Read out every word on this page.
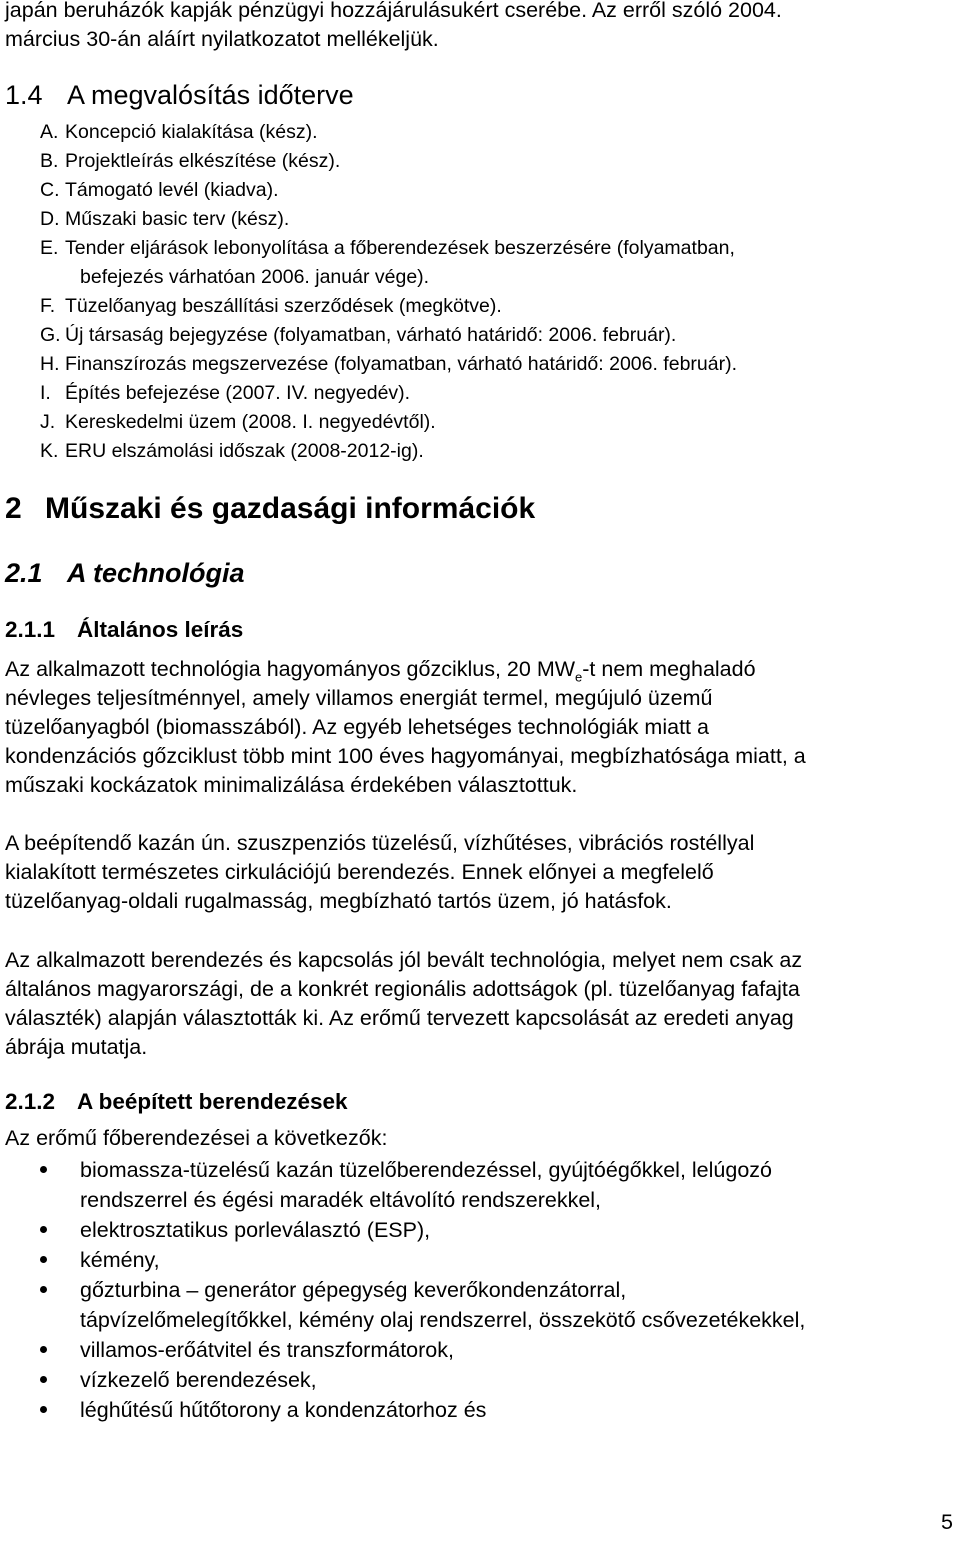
japán beruházók kapják pénzügyi hozzájárulásukért cserébe. Az erről szóló 2004.

március 30-án aláírt nyilatkozatot mellékeljük.

1.4 A megvalósítás időterve

A. Koncepció kialakítása (kész).

B. Projektleírás elkészítése (kész).

C. Támogató levél (kiadva).

D. Műszaki basic terv (kész).

E. Tender eljárások lebonyolítása a főberendezések beszerzésére (folyamatban,

befejezés várhatóan 2006. január vége).

F. Tüzelőanyag beszállítási szerződések (megkötve).

G. Új társaság bejegyzése (folyamatban, várható határidő: 2006. február).

H. Finanszírozás megszervezése (folyamatban, várható határidő: 2006. február).

I. Építés befejezése (2007. IV. negyedév).

J. Kereskedelmi üzem (2008. I. negyedévtől).

K. ERU elszámolási időszak (2008-2012-ig).

2 Műszaki és gazdasági információk
2.1 A technológia
2.1.1 Általános leírás

Az alkalmazott technológia hagyományos gőzciklus, 20 $MW_e-t$ nem meghaladó

névleges teljesítménnyel, amely villamos energiát termel, megújuló üzemű

tüzelőanyagból (biomasszából). Az egyéb lehetséges technológiák miatt a

kondenzációs gőzciklust több mint 100 éves hagyományai, megbízhatósága miatt, a

műszaki kockázatok minimalizálása érdekében választottuk.

A beépítendő kazán ún. szuszpenziós tüzelésű, vízhűtéses, vibrációs rostéllyal

kialakított természetes cirkulációjú berendezés. Ennek előnyei a megfelelő

tüzelőanyag-oldali rugalmasság, megbízható tartós üzem, jó hatásfok.

Az alkalmazott berendezés és kapcsolás jól bevált technológia, melyet nem csak az

általános magyarországi, de a konkrét regionális adottságok (pl. tüzelőanyag fafajta

választék) alapján választották ki. Az erőmű tervezett kapcsolását az eredeti anyag

ábrája mutatja.

2.1.2 A beépített berendezések

Az erőmű főberendezései a következők:

biomassza-tüzelésű kazán tüzelőberendezéssel, gyújtóégőkkel, lelúgozó
rendszerrel és égési maradék eltávolító rendszerekkel,
elektrosztatikus porleválasztó (ESP),
kémény,
gőzturbina – generátor gépegység keverőkondenzátorral,
tápvízelőmelegítőkkel, kémény olaj rendszerrel, összekötő csővezetékekkel,
villamos-erőátvitel és transzformátorok,
vízkezelő berendezések,
léghűtésű hűtőtorony a kondenzátorhoz és

5
